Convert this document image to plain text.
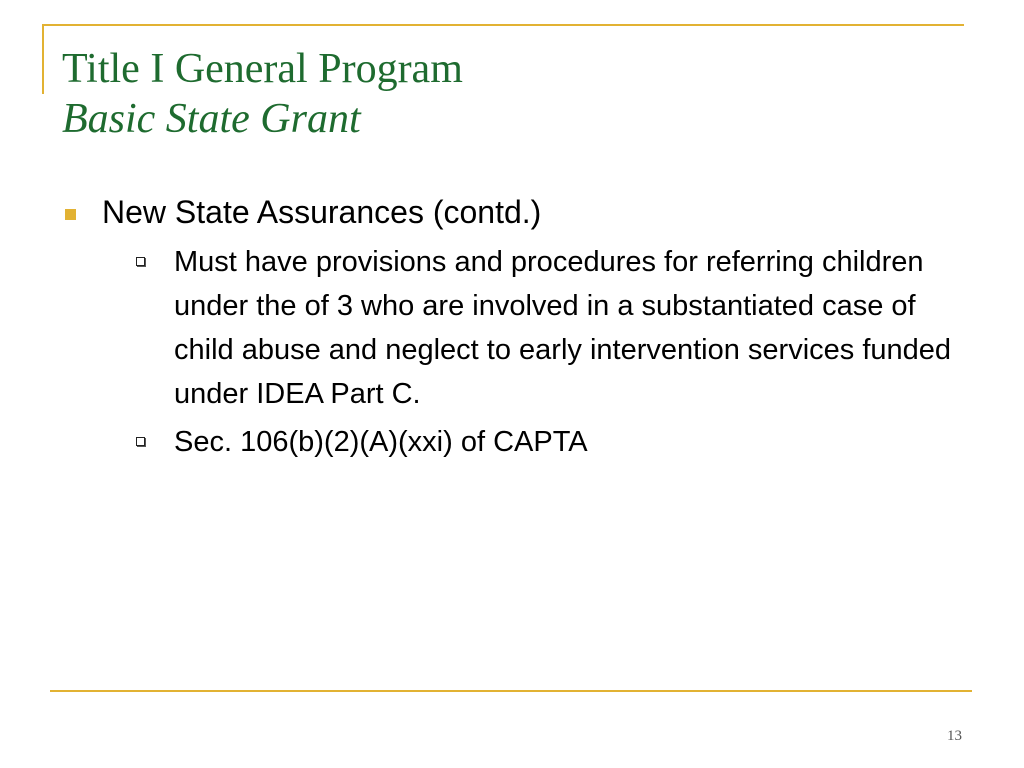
Title I General Program
Basic State Grant
New State Assurances (contd.)
Must have provisions and procedures for referring children under the of 3 who are involved in a substantiated case of child abuse and neglect to early intervention services funded under IDEA Part C.
Sec. 106(b)(2)(A)(xxi) of CAPTA
13
